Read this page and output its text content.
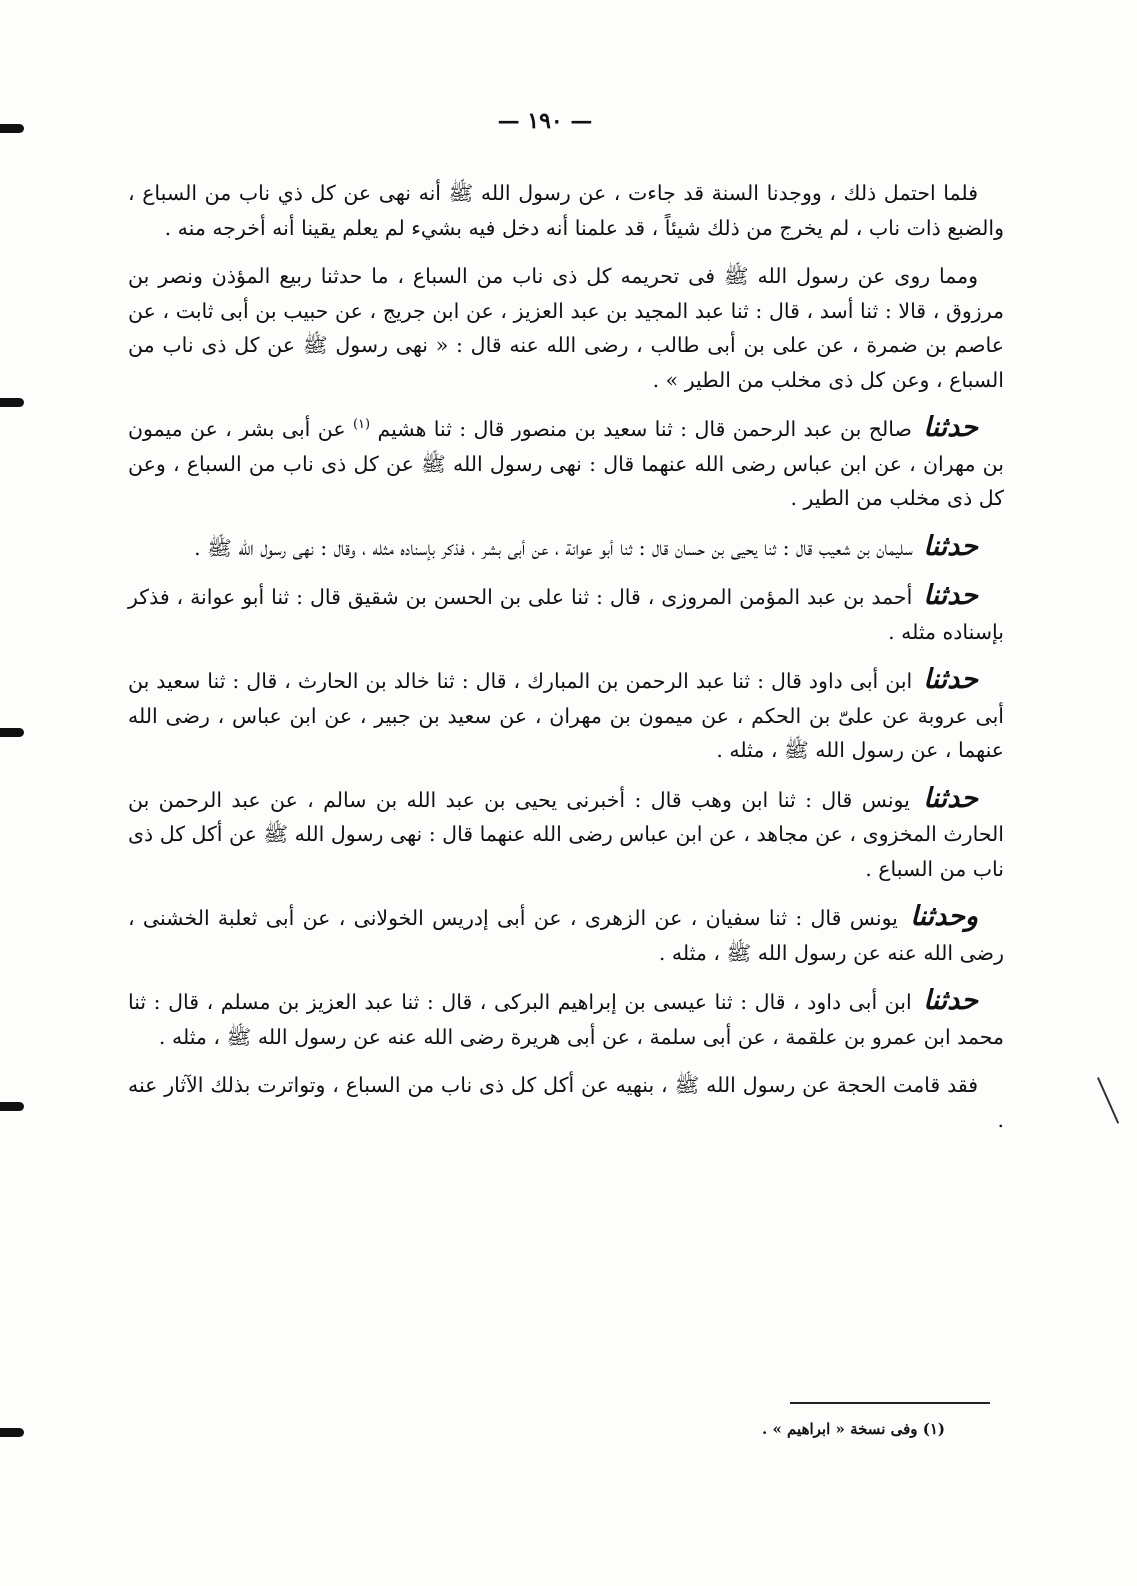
— ١٩٠ —

فلما احتمل ذلك ، ووجدنا السنة قد جاءت ، عن رسول الله ﷺ أنه نهى عن كل ذي ناب من السباع ، والضبع ذات ناب ، لم يخرج من ذلك شيئاً ، قد علمنا أنه دخل فيه بشيء لم يعلم يقينا أنه أخرجه منه .

ومما روى عن رسول الله ﷺ فى تحريمه كل ذى ناب من السباع ، ما حدثنا ربيع المؤذن ونصر بن مرزوق ، قالا : ثنا أسد ، قال : ثنا عبد المجيد بن عبد العزيز ، عن ابن جريج ، عن حبيب بن أبى ثابت ، عن عاصم بن ضمرة ، عن على بن أبى طالب ، رضى الله عنه قال : « نهى رسول ﷺ عن كل ذى ناب من السباع ، وعن كل ذى مخلب من الطير » .

حدثنا صالح بن عبد الرحمن قال : ثنا سعيد بن منصور قال : ثنا هشيم $^{(١)}$ عن أبى بشر ، عن ميمون بن مهران ، عن ابن عباس رضى الله عنهما قال : نهى رسول الله ﷺ عن كل ذى ناب من السباع ، وعن كل ذى مخلب من الطير .

حدثنا سليمان بن شعيب قال : ثنا يحيى بن حسان قال : ثنا أبو عوانة ، عن أبى بشر ، فذكر بإسناده مثله ، وقال : نهى رسول الله ﷺ .

حدثنا أحمد بن عبد المؤمن المروزى ، قال : ثنا على بن الحسن بن شقيق قال : ثنا أبو عوانة ، فذكر بإسناده مثله .

حدثنا ابن أبى داود قال : ثنا عبد الرحمن بن المبارك ، قال : ثنا خالد بن الحارث ، قال : ثنا سعيد بن أبى عروبة عن علىّ بن الحكم ، عن ميمون بن مهران ، عن سعيد بن جبير ، عن ابن عباس ، رضى الله عنهما ، عن رسول الله ﷺ ، مثله .

حدثنا يونس قال : ثنا ابن وهب قال : أخبرنى يحيى بن عبد الله بن سالم ، عن عبد الرحمن بن الحارث المخزوى ، عن مجاهد ، عن ابن عباس رضى الله عنهما قال : نهى رسول الله ﷺ عن أكل كل ذى ناب من السباع .

وحدثنا يونس قال : ثنا سفيان ، عن الزهرى ، عن أبى إدريس الخولانى ، عن أبى ثعلبة الخشنى ، رضى الله عنه عن رسول الله ﷺ ، مثله .

حدثنا ابن أبى داود ، قال : ثنا عيسى بن إبراهيم البركى ، قال : ثنا عبد العزيز بن مسلم ، قال : ثنا محمد ابن عمرو بن علقمة ، عن أبى سلمة ، عن أبى هريرة رضى الله عنه عن رسول الله ﷺ ، مثله .

فقد قامت الحجة عن رسول الله ﷺ ، بنهيه عن أكل كل ذى ناب من السباع ، وتواترت بذلك الآثار عنه .

(١) وفى نسخة « ابراهيم » .
